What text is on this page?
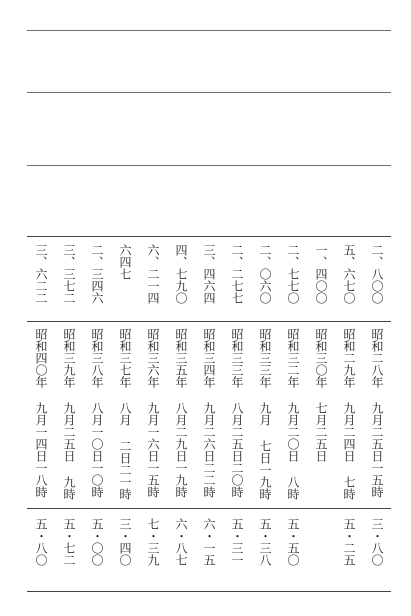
二、八〇〇
五、六七〇
一、四〇〇
二、七七〇
二、〇六〇
二、二七七
三、四六四
四、七九〇
六、二一四
六四七
二、三四六
三、三七二
三、六二二
昭和二八年 九月二五日一五時
昭和二九年 九月二四日 七時
昭和三〇年 七月二五日
昭和三二年 九月二〇日 八時
昭和三三年 九月 七日一九時
昭和三三年 八月二五日二〇時
昭和三四年 九月二六日二二時
昭和三五年 八月二九日一九時
昭和三六年 九月一六日一五時
昭和三七年 八月 二日二一時
昭和三八年 八月一〇日一〇時
昭和三九年 九月二五日 九時
昭和四〇年 九月一四日一八時
三・八〇
五・二五
五・五〇
五・三八
五・三一
六・一五
六・八七
七・三九
三・四〇
五・〇〇
五・七二
五・八〇
